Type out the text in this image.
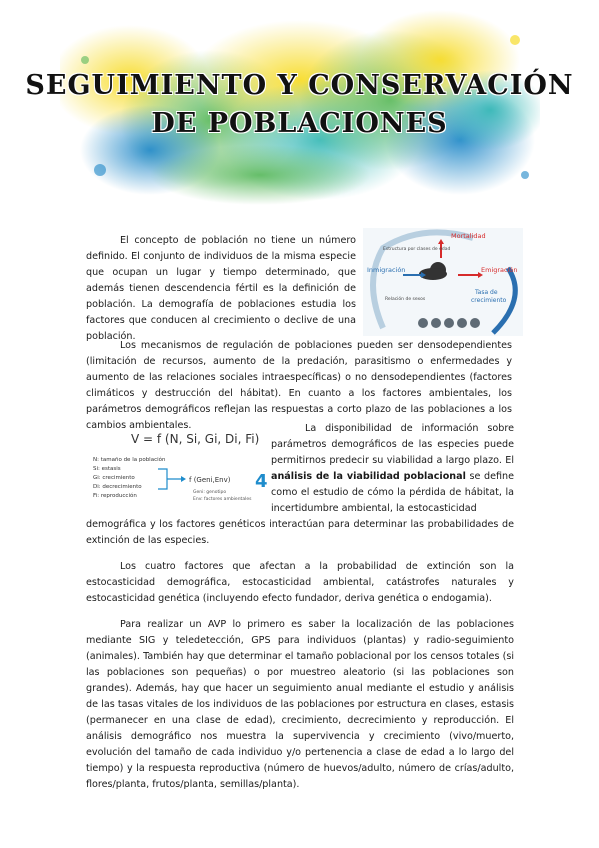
SEGUIMIENTO Y CONSERVACIÓN
DE POBLACIONES

El concepto de población no tiene un número definido. El conjunto de individuos de la misma especie que ocupan un lugar y tiempo determinado, que además tienen descendencia fértil es la definición de población. La demografía de poblaciones estudia los factores que conducen al crecimiento o declive de una población.

Mortalidad
Estructura por clases de edad
Inmigración	Emigración
Tasa de
crecimiento
Relación de sexos

Los mecanismos de regulación de poblaciones pueden ser densodependientes (limitación de recursos, aumento de la predación, parasitismo o enfermedades y aumento de las relaciones sociales intraespecíficas) o no densodependientes (factores climáticos y destrucción del hábitat). En cuanto a los factores ambientales, los parámetros demográficos reflejan las respuestas a corto plazo de las poblaciones a los cambios ambientales.

V = f (N, Si, Gi, Di, Fi)
N: tamaño de la población
Si: estasis
Gi: crecimiento
Di: decrecimiento
Fi: reproducción
f (Geni,Env)
Geni: genotipo
Env: factores ambientales
4

La disponibilidad de información sobre parámetros demográficos de las especies puede permitirnos predecir su viabilidad a largo plazo. El análisis de la viabilidad poblacional se define como el estudio de cómo la pérdida de hábitat, la incertidumbre ambiental, la estocasticidad

demográfica y los factores genéticos interactúan para determinar las probabilidades de extinción de las especies.

Los cuatro factores que afectan a la probabilidad de extinción son la estocasticidad demográfica, estocasticidad ambiental, catástrofes naturales y estocasticidad genética (incluyendo efecto fundador, deriva genética o endogamia).

Para realizar un AVP lo primero es saber la localización de las poblaciones mediante SIG y teledetección, GPS para individuos (plantas) y radio-seguimiento (animales). También hay que determinar el tamaño poblacional por los censos totales (si las poblaciones son pequeñas) o por muestreo aleatorio (si las poblaciones son grandes). Además, hay que hacer un seguimiento anual mediante el estudio y análisis de las tasas vitales de los individuos de las poblaciones por estructura en clases, estasis (permanecer en una clase de edad), crecimiento, decrecimiento y reproducción. El análisis demográfico nos muestra la supervivencia y crecimiento (vivo/muerto, evolución del tamaño de cada individuo y/o pertenencia a clase de edad a lo largo del tiempo) y la respuesta reproductiva (número de huevos/adulto, número de crías/adulto, flores/planta, frutos/planta, semillas/planta).
